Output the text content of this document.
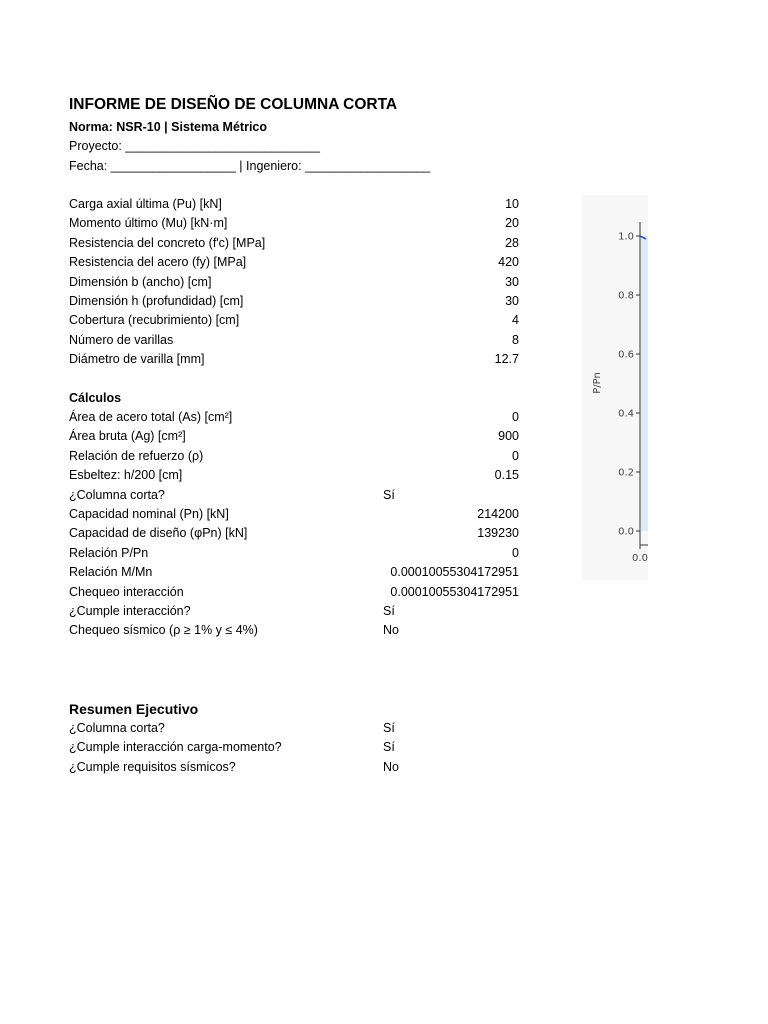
INFORME DE DISEÑO DE COLUMNA CORTA
Norma: NSR-10 | Sistema Métrico
Proyecto: ____________________________
Fecha: __________________ | Ingeniero: __________________
Carga axial última (Pu) [kN]	10
Momento último (Mu) [kN·m]	20
Resistencia del concreto (f'c) [MPa]	28
Resistencia del acero (fy) [MPa]	420
Dimensión b (ancho) [cm]	30
Dimensión h (profundidad) [cm]	30
Cobertura (recubrimiento) [cm]	4
Número de varillas	8
Diámetro de varilla [mm]	12.7
Cálculos
Área de acero total (As) [cm²]	0
Área bruta (Ag) [cm²]	900
Relación de refuerzo (ρ)	0
Esbeltez: h/200 [cm]	0.15
¿Columna corta?	Sí
Capacidad nominal (Pn) [kN]	214200
Capacidad de diseño (φPn) [kN]	139230
Relación P/Pn	0
Relación M/Mn	0.00010055304172951
Chequeo interacción	0.00010055304172951
¿Cumple interacción?	Sí
Chequeo sísmico (ρ ≥ 1% y ≤ 4%)	No
Resumen Ejecutivo
¿Columna corta?	Sí
¿Cumple interacción carga-momento?	Sí
¿Cumple requisitos sísmicos?	No
0.0
0.2
0.4
0.6
0.8
1.0
0.0
P/Pn
